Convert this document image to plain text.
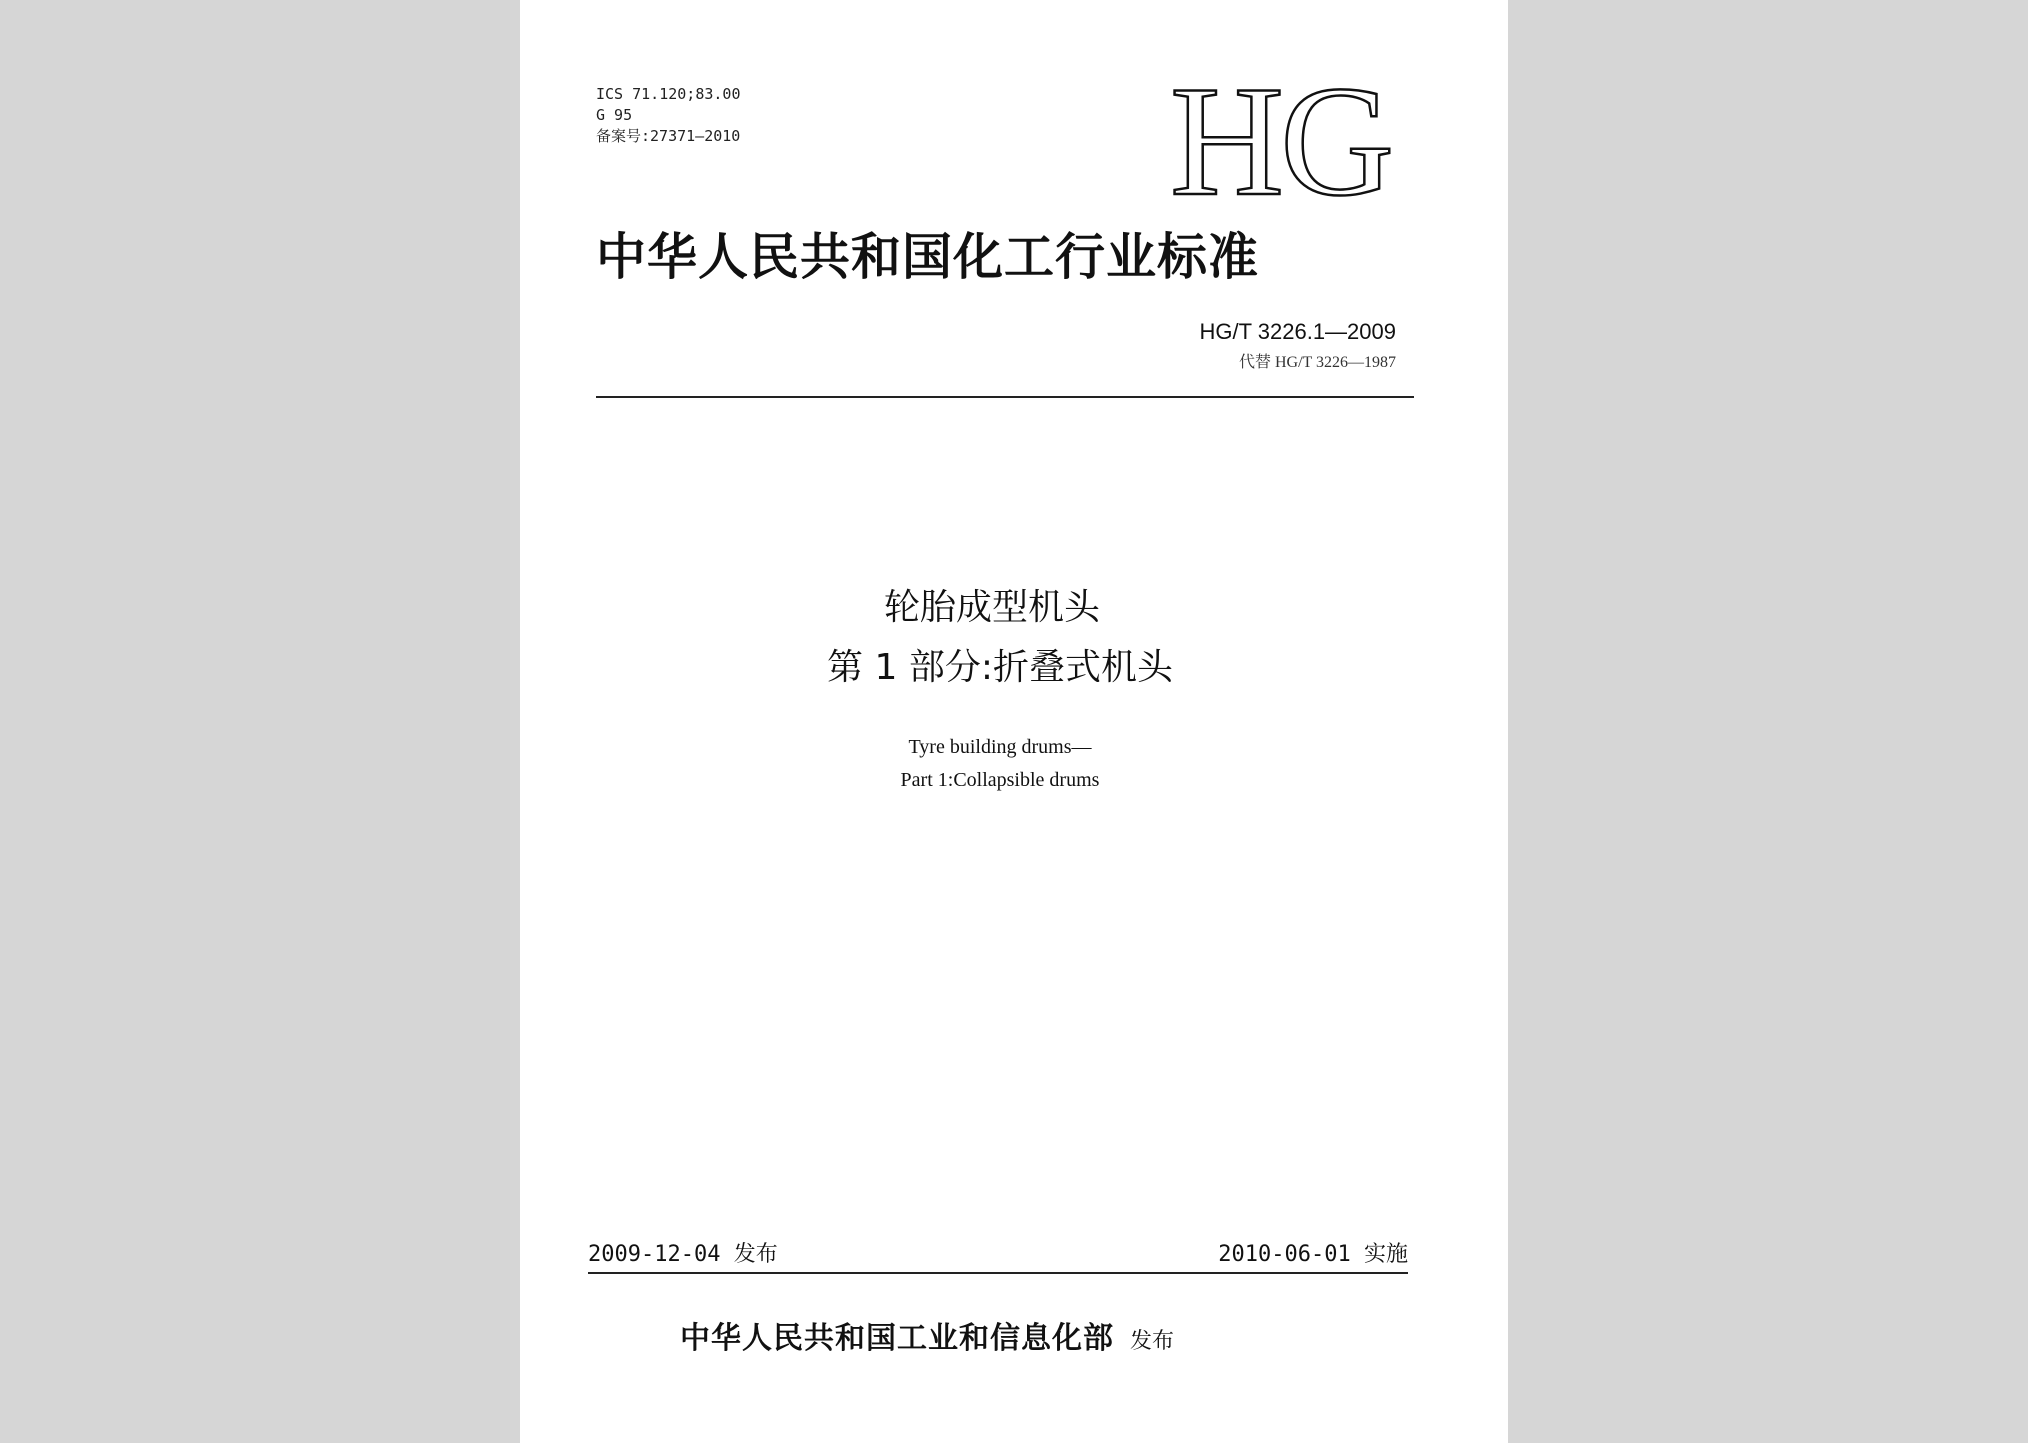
ICS 71.120;83.00
G 95
备案号:27371—2010	HG
中华人民共和国化工行业标准
HG/T 3226.1—2009
代替 HG/T 3226—1987
轮胎成型机头
第 1 部分:折叠式机头
Tyre building drums—
Part 1:Collapsible drums
2009-12-04 发布	2010-06-01 实施
中华人民共和国工业和信息化部 发布
